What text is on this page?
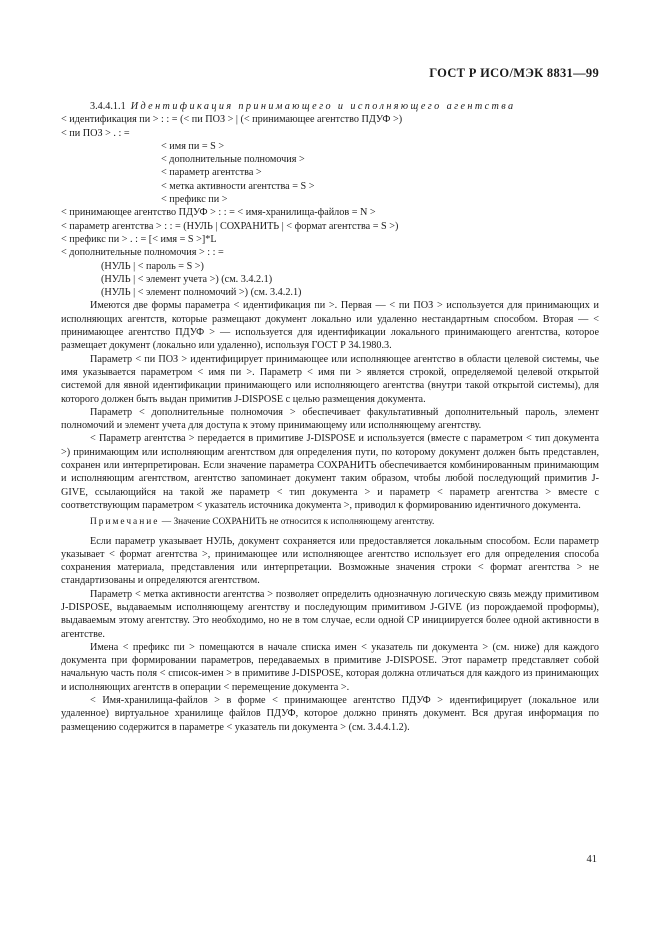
ГОСТ Р ИСО/МЭК 8831—99
3.4.4.1.1 Идентификация принимающего и исполняющего агентства
< идентификация пи > : : = (< пи ПОЗ > | (< принимающее агентство ПДУФ >)
< пи ПОЗ > . : =
< имя пи = S >
< дополнительные полномочия >
< параметр агентства >
< метка активности агентства = S >
< префикс пи >
< принимающее агентство ПДУФ > : : = < имя-хранилища-файлов = N >
< параметр агентства > : : = (НУЛЬ | СОХРАНИТЬ | < формат агентства = S >)
< префикс пи > . : = [< имя = S >]*L
< дополнительные полномочия > : : =
(НУЛЬ | < пароль = S >)
(НУЛЬ | < элемент учета >) (см. 3.4.2.1)
(НУЛЬ | < элемент полномочий >) (см. 3.4.2.1)

Имеются две формы параметра < идентификация пи >. Первая — < пи ПОЗ > используется для принимающих и исполняющих агентств, которые размещают документ локально или удаленно нестандартным способом. Вторая — < принимающее агентство ПДУФ > — используется для идентификации локального принимающего агентства, которое размещает документ (локально или удаленно), используя ГОСТ Р 34.1980.3.

Параметр < пи ПОЗ > идентифицирует принимающее или исполняющее агентство в области целевой системы, чье имя указывается параметром < имя пи >. Параметр < имя пи > является строкой, определяемой целевой открытой системой для явной идентификации принимающего или исполняющего агентства (внутри такой открытой системы), для которого должен быть выдан примитив J-DISPOSE с целью размещения документа.

Параметр < дополнительные полномочия > обеспечивает факультативный дополнительный пароль, элемент полномочий и элемент учета для доступа к этому принимающему или исполняющему агентству.

< Параметр агентства > передается в примитиве J-DISPOSE и используется (вместе с параметром < тип документа >) принимающим или исполняющим агентством для определения пути, по которому документ должен быть представлен, сохранен или интерпретирован. Если значение параметра СОХРАНИТЬ обеспечивается комбинированным принимающим и исполняющим агентством, агентство запоминает документ таким образом, чтобы любой последующий примитив J-GIVE, ссылающийся на такой же параметр < тип документа > и параметр < параметр агентства > вместе с соответствующим параметром < указатель источника документа >, приводил к формированию идентичного документа.

Примечание — Значение СОХРАНИТЬ не относится к исполняющему агентству.

Если параметр указывает НУЛЬ, документ сохраняется или предоставляется локальным способом. Если параметр указывает < формат агентства >, принимающее или исполняющее агентство использует его для определения способа сохранения материала, представления или интерпретации. Возможные значения строки < формат агентства > не стандартизованы и определяются агентством.

Параметр < метка активности агентства > позволяет определить однозначную логическую связь между примитивом J-DISPOSE, выдаваемым исполняющему агентству и последующим примитивом J-GIVE (из порождаемой проформы), выдаваемым этому агентству. Это необходимо, но не в том случае, если одной СР инициируется более одной активности в агентстве.

Имена < префикс пи > помещаются в начале списка имен < указатель пи документа > (см. ниже) для каждого документа при формировании параметров, передаваемых в примитиве J-DISPOSE. Этот параметр представляет собой начальную часть поля < список-имен > в примитиве J-DISPOSE, которая должна отличаться для каждого из принимающих и исполняющих агентств в операции < перемещение документа >.

< Имя-хранилища-файлов > в форме < принимающее агентство ПДУФ > идентифицирует (локальное или удаленное) виртуальное хранилище файлов ПДУФ, которое должно принять документ. Вся другая информация по размещению содержится в параметре < указатель пи документа > (см. 3.4.4.1.2).

41
